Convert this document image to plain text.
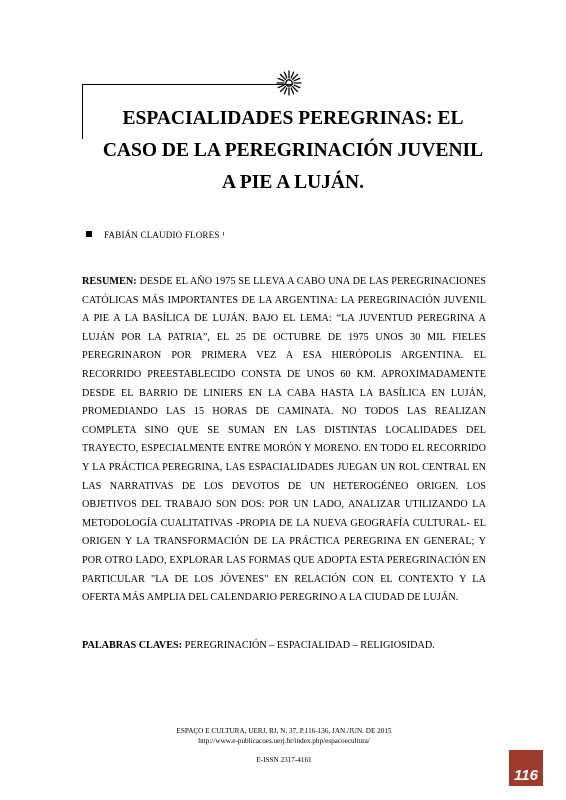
ESPACIALIDADES PEREGRINAS: EL
CASO DE LA PEREGRINACIÓN JUVENIL
A PIE A LUJÁN.
FABIÁN CLAUDIO FLORES ¹

RESUMEN: DESDE EL AÑO 1975 SE LLEVA A CABO UNA DE LAS PEREGRINACIONES CATÓLICAS MÁS IMPORTANTES DE LA ARGENTINA: LA PEREGRINACIÓN JUVENIL A PIE A LA BASÍLICA DE LUJÁN. BAJO EL LEMA: “LA JUVENTUD PEREGRINA A LUJÁN POR LA PATRIA”, EL 25 DE OCTUBRE DE 1975 UNOS 30 MIL FIELES PEREGRINARON POR PRIMERA VEZ A ESA HIERÓPOLIS ARGENTINA. EL RECORRIDO PREESTABLECIDO CONSTA DE UNOS 60 KM. APROXIMADAMENTE DESDE EL BARRIO DE LINIERS EN LA CABA HASTA LA BASÍLICA EN LUJÁN, PROMEDIANDO LAS 15 HORAS DE CAMINATA. NO TODOS LAS REALIZAN COMPLETA SINO QUE SE SUMAN EN LAS DISTINTAS LOCALIDADES DEL TRAYECTO, ESPECIALMENTE ENTRE MORÓN Y MORENO. EN TODO EL RECORRIDO Y LA PRÁCTICA PEREGRINA, LAS ESPACIALIDADES JUEGAN UN ROL CENTRAL EN LAS NARRATIVAS DE LOS DEVOTOS DE UN HETEROGÉNEO ORIGEN. LOS OBJETIVOS DEL TRABAJO SON DOS: POR UN LADO, ANALIZAR UTILIZANDO LA METODOLOGÍA CUALITATIVAS -PROPIA DE LA NUEVA GEOGRAFÍA CULTURAL- EL ORIGEN Y LA TRANSFORMACIÓN DE LA PRÁCTICA PEREGRINA EN GENERAL; Y POR OTRO LADO, EXPLORAR LAS FORMAS QUE ADOPTA ESTA PEREGRINACIÓN EN PARTICULAR "LA DE LOS JÓVENES" EN RELACIÓN CON EL CONTEXTO Y LA OFERTA MÁS AMPLIA DEL CALENDARIO PEREGRINO A LA CIUDAD DE LUJÁN.

PALABRAS CLAVES: PEREGRINACIÓN – ESPACIALIDAD – RELIGIOSIDAD.

ESPAÇO E CULTURA, UERJ, RJ, N. 37, P.116-136, JAN./JUN. DE 2015
http://www.e-publicacoes.uerj.br/index.php/espacoecultura/
E-ISSN 2317-4161
116
